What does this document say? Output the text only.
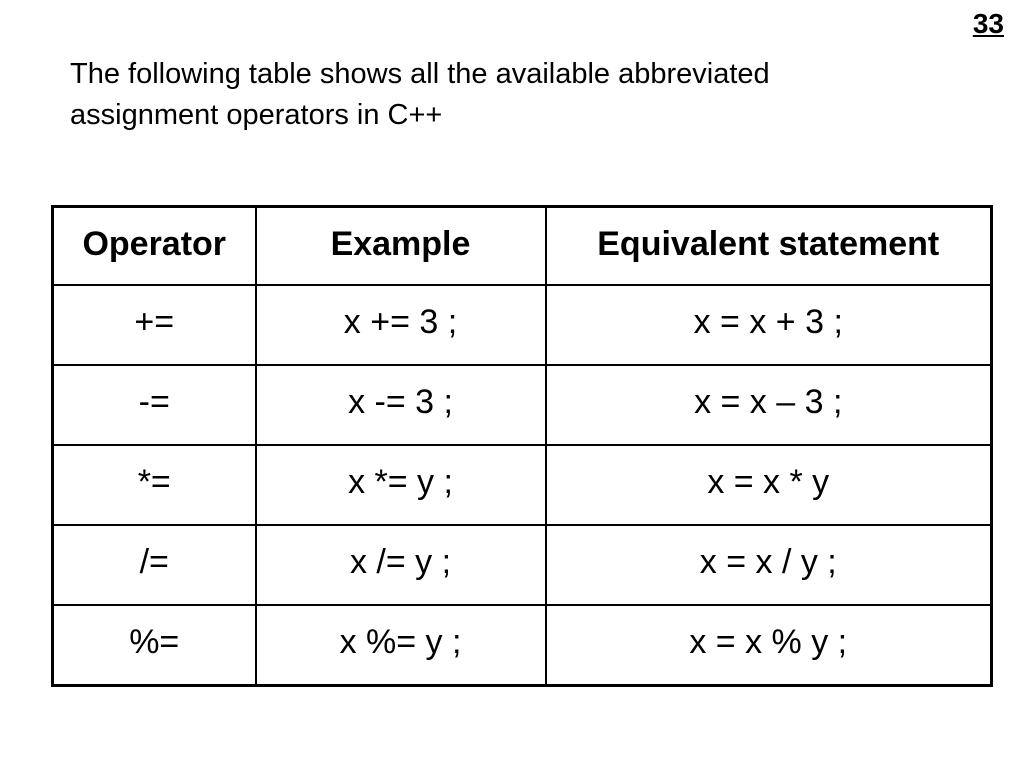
33
The following table shows all the available abbreviated
assignment operators in C++
Operator	Example	Equivalent statement
+=	x += 3 ;	x = x + 3 ;
-=	x -= 3 ;	x = x – 3 ;
*=	x *= y ;	x = x * y
/=	x /= y ;	x = x / y ;
%=	x %= y ;	x = x % y ;
